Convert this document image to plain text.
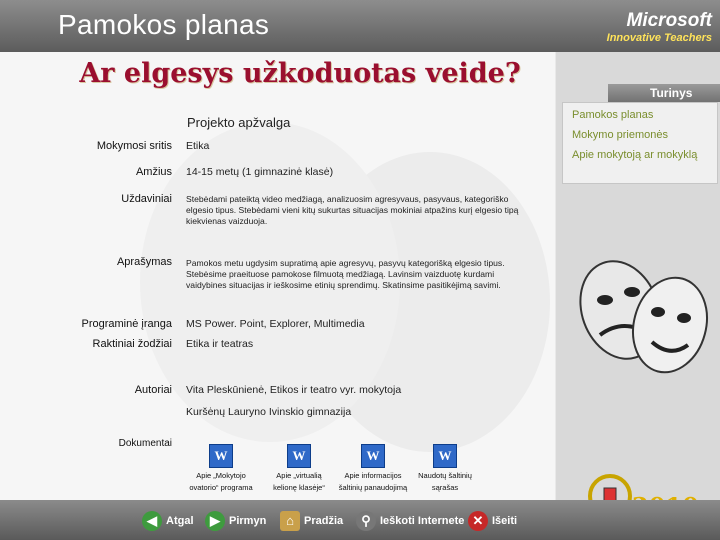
Pamokos planas	Microsoft
Innovative Teachers
Ar elgesys užkoduotas veide?
Projekto apžvalga
Mokymosi sritis Etika
Amžius 14-15 metų (1 gimnazinė klasė)
Uždaviniai Stebėdami pateiktą video medžiagą, analizuosim agresyvaus, pasyvaus, kategoriško elgesio tipus. Stebėdami vieni kitų sukurtas situacijas mokiniai atpažins kurį elgesio tipą kiekvienas vaizduoja.
Aprašymas Pamokos metu ugdysim supratimą apie agresyvų, pasyvų kategorišką elgesio tipus. Stebėsime praeituose pamokose filmuotą medžiagą. Lavinsim vaizduotę kurdami vaidybines situacijas ir ieškosime etinių sprendimų. Skatinsime pasitikėjimą savimi.
Programinė įranga MS Power. Point, Explorer, Multimedia
Raktiniai žodžiai Etika ir teatras
Autoriai Vita Pleskūnienė, Etikos ir teatro vyr. mokytoja
Kuršėnų Lauryno Ivinskio gimnazija
Dokumentai
W
Apie „Mokytojo
ovatorio“ programa
W
Apie „virtualią
kelionę klasėje“
W
Apie informacijos
šaltinių panaudojimą
W
Naudotų šaltinių
sąrašas
Turinys
Pamokos planas
Mokymo priemonės
Apie mokytoją ar mokyklą
◀ Atgal	▶ Pirmyn	⌂ Pradžia	⚲ Ieškoti Internete ✕ Išeiti
